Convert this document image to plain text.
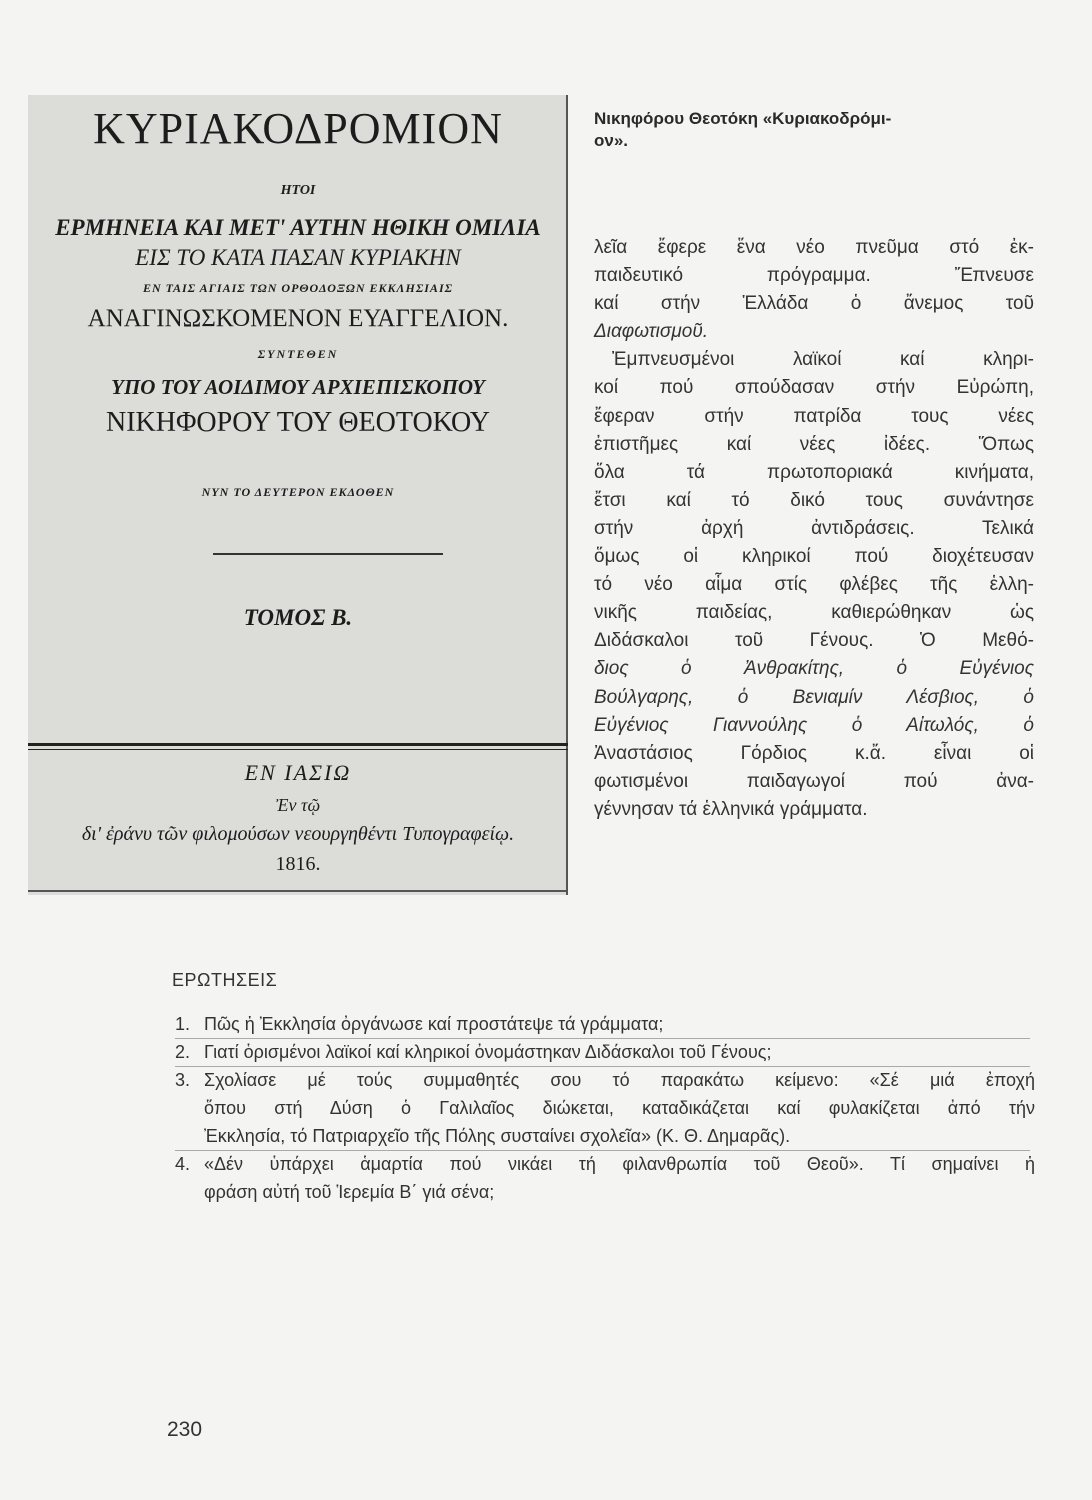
ΚΥΡΙΑΚΟΔΡΟΜΙΟΝ
ΗΤΟΙ
ΕΡΜΗΝΕΙΑ ΚΑΙ ΜΕΤ' ΑΥΤΗΝ ΗΘΙΚΗ ΟΜΙΛΙΑ
ΕΙΣ ΤΟ ΚΑΤΑ ΠΑΣΑΝ ΚΥΡΙΑΚΗΝ
ΕΝ ΤΑΙΣ ΑΓΙΑΙΣ ΤΩΝ ΟΡΘΟΔΟΞΩΝ ΕΚΚΛΗΣΙΑΙΣ
ΑΝΑΓΙΝΩΣΚΟΜΕΝΟΝ ΕΥΑΓΓΕΛΙΟΝ.
ΣΥΝΤΕΘΕΝ
ΥΠΟ ΤΟΥ ΑΟΙΔΙΜΟΥ ΑΡΧΙΕΠΙΣΚΟΠΟΥ
ΝΙΚΗΦΟΡΟΥ ΤΟΥ ΘΕΟΤΟΚΟΥ
ΝΥΝ ΤΟ ΔΕΥΤΕΡΟΝ ΕΚΔΟΘΕΝ
ΤΟΜΟΣ Β.
ΕΝ ΙΑΣΙΩ
Ἐν τῷ
δι' ἐράνυ τῶν φιλομούσων νεουργηθέντι Τυπογραφείῳ.
1816.
Νικηφόρου Θεοτόκη «Κυριακοδρόμι-
ον».
λεῖα ἔφερε ἕνα νέο πνεῦμα στό ἐκ-
παιδευτικό πρόγραμμα. Ἔπνευσε
καί στήν Ἑλλάδα ὁ ἄνεμος τοῦ
Διαφωτισμοῦ.
Ἐμπνευσμένοι λαϊκοί καί κληρι-
κοί πού σπούδασαν στήν Εὐρώπη,
ἔφεραν στήν πατρίδα τους νέες
ἐπιστῆμες καί νέες ἰδέες. Ὅπως
ὅλα τά πρωτοποριακά κινήματα,
ἔτσι καί τό δικό τους συνάντησε
στήν ἀρχή ἀντιδράσεις. Τελικά
ὅμως οἱ κληρικοί πού διοχέτευσαν
τό νέο αἷμα στίς φλέβες τῆς ἑλλη-
νικῆς παιδείας, καθιερώθηκαν ὡς
Διδάσκαλοι τοῦ Γένους. Ὁ Μεθό-
διος ὁ Ἀνθρακίτης, ὁ Εὐγένιος
Βούλγαρης, ὁ Βενιαμίν Λέσβιος, ὁ
Εὐγένιος Γιαννούλης ὁ Αἰτωλός, ὁ
Ἀναστάσιος Γόρδιος κ.ἄ. εἶναι οἱ
φωτισμένοι παιδαγωγοί πού ἀνα-
γέννησαν τά ἑλληνικά γράμματα.
ΕΡΩΤΗΣΕΙΣ
1. Πῶς ἡ Ἐκκλησία ὀργάνωσε καί προστάτεψε τά γράμματα;
2. Γιατί ὁρισμένοι λαϊκοί καί κληρικοί ὀνομάστηκαν Διδάσκαλοι τοῦ Γένους;
3. Σχολίασε μέ τούς συμμαθητές σου τό παρακάτω κείμενο: «Σέ μιά ἐποχή
ὅπου στή Δύση ὁ Γαλιλαῖος διώκεται, καταδικάζεται καί φυλακίζεται ἀπό τήν
Ἐκκλησία, τό Πατριαρχεῖο τῆς Πόλης συσταίνει σχολεῖα» (Κ. Θ. Δημαρᾶς).
4. «Δέν ὑπάρχει ἁμαρτία πού νικάει τή φιλανθρωπία τοῦ Θεοῦ». Τί σημαίνει ἡ
φράση αὐτή τοῦ Ἱερεμία Β΄ γιά σένα;
230
